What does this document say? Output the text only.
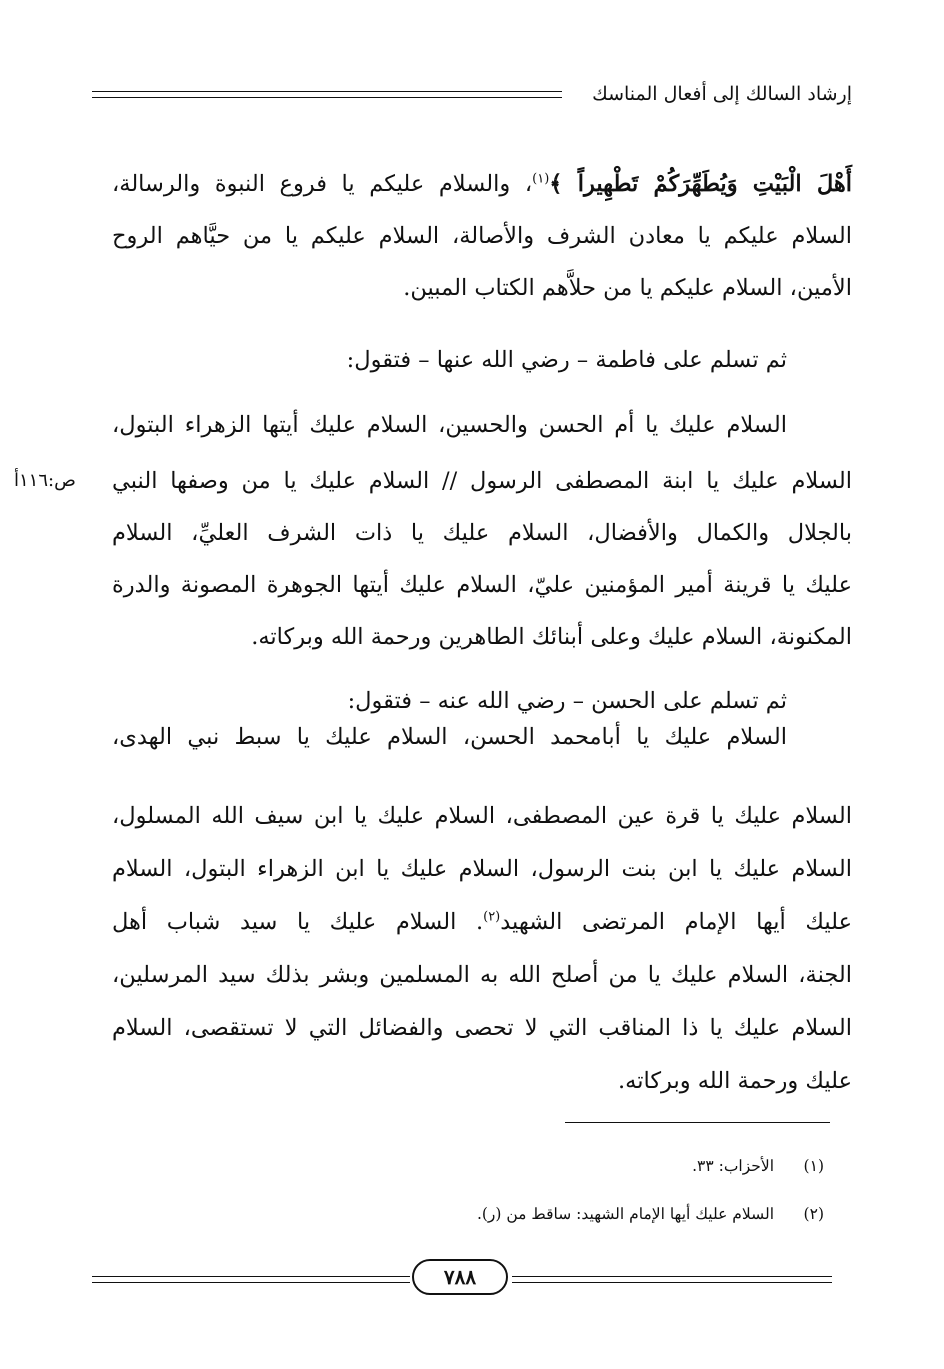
إرشاد السالك إلى أفعال المناسك
أَهْلَ الْبَيْتِ وَيُطَهِّرَكُمْ تَطْهِيراً ﴾$^{(١)}$، والسلام عليكم يا فروع النبوة والرسالة،
السلام عليكم يا معادن الشرف والأصالة، السلام عليكم يا من حيَّاهم الروح
الأمين، السلام عليكم يا من حلاَّهم الكتاب المبين.
ثم تسلم على فاطمة – رضي الله عنها – فتقول:
السلام عليك يا أم الحسن والحسين، السلام عليك أيتها الزهراء البتول،
ص:١١٦أ السلام عليك يا ابنة المصطفى الرسول // السلام عليك يا من وصفها النبي
بالجلال والكمال والأفضال، السلام عليك يا ذات الشرف العليِّ، السلام
عليك يا قرينة أمير المؤمنين عليّ، السلام عليك أيتها الجوهرة المصونة والدرة
المكنونة، السلام عليك وعلى أبنائك الطاهرين ورحمة الله وبركاته.
ثم تسلم على الحسن – رضي الله عنه – فتقول:
السلام عليك يا أبامحمد الحسن، السلام عليك يا سبط نبي الهدى،
السلام عليك يا قرة عين المصطفى، السلام عليك يا ابن سيف الله المسلول،
السلام عليك يا ابن بنت الرسول، السلام عليك يا ابن الزهراء البتول، السلام
عليك أيها الإمام المرتضى الشهيد$^{(٢)}$. السلام عليك يا سيد شباب أهل
الجنة، السلام عليك يا من أصلح الله به المسلمين وبشر بذلك سيد المرسلين،
السلام عليك يا ذا المناقب التي لا تحصى والفضائل التي لا تستقصى، السلام
عليك ورحمة الله وبركاته.
(١)الأحزاب: ٣٣.
(٢)السلام عليك أيها الإمام الشهيد: ساقط من (ر).
٧٨٨
